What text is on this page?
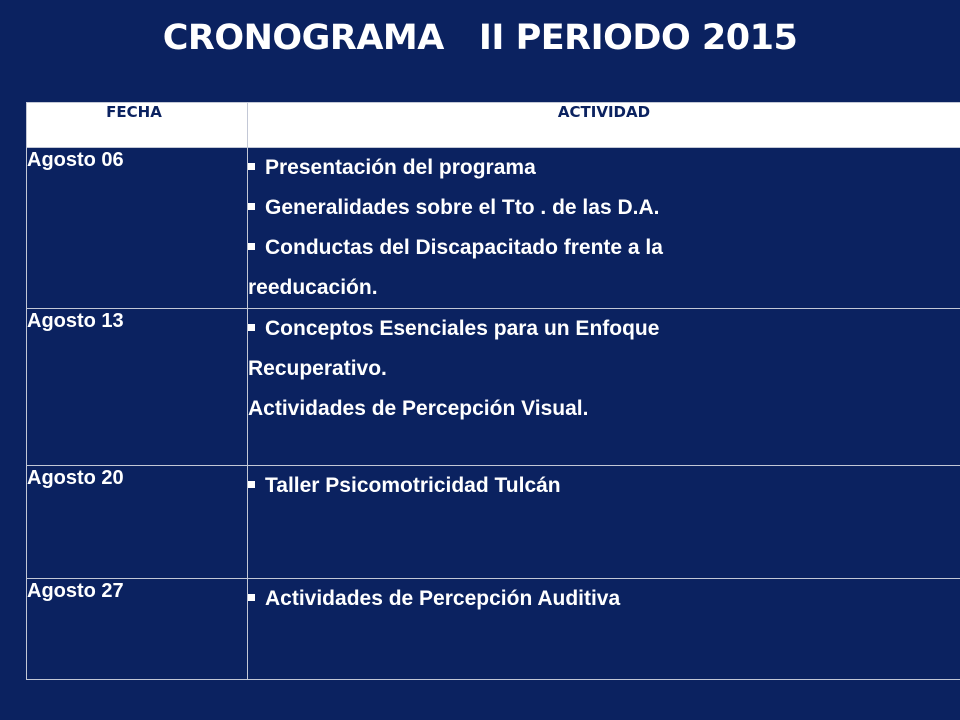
CRONOGRAMA   II PERIODO 2015
FECHA	ACTIVIDAD
Agosto 06	Presentación del programa
Generalidades sobre el Tto . de las D.A.
Conductas del Discapacitado frente a la
reeducación.

Agosto 13	Conceptos Esenciales para un Enfoque
Recuperativo.
Actividades de Percepción Visual.

Agosto 20	Taller Psicomotricidad Tulcán

Agosto 27	Actividades de Percepción Auditiva
